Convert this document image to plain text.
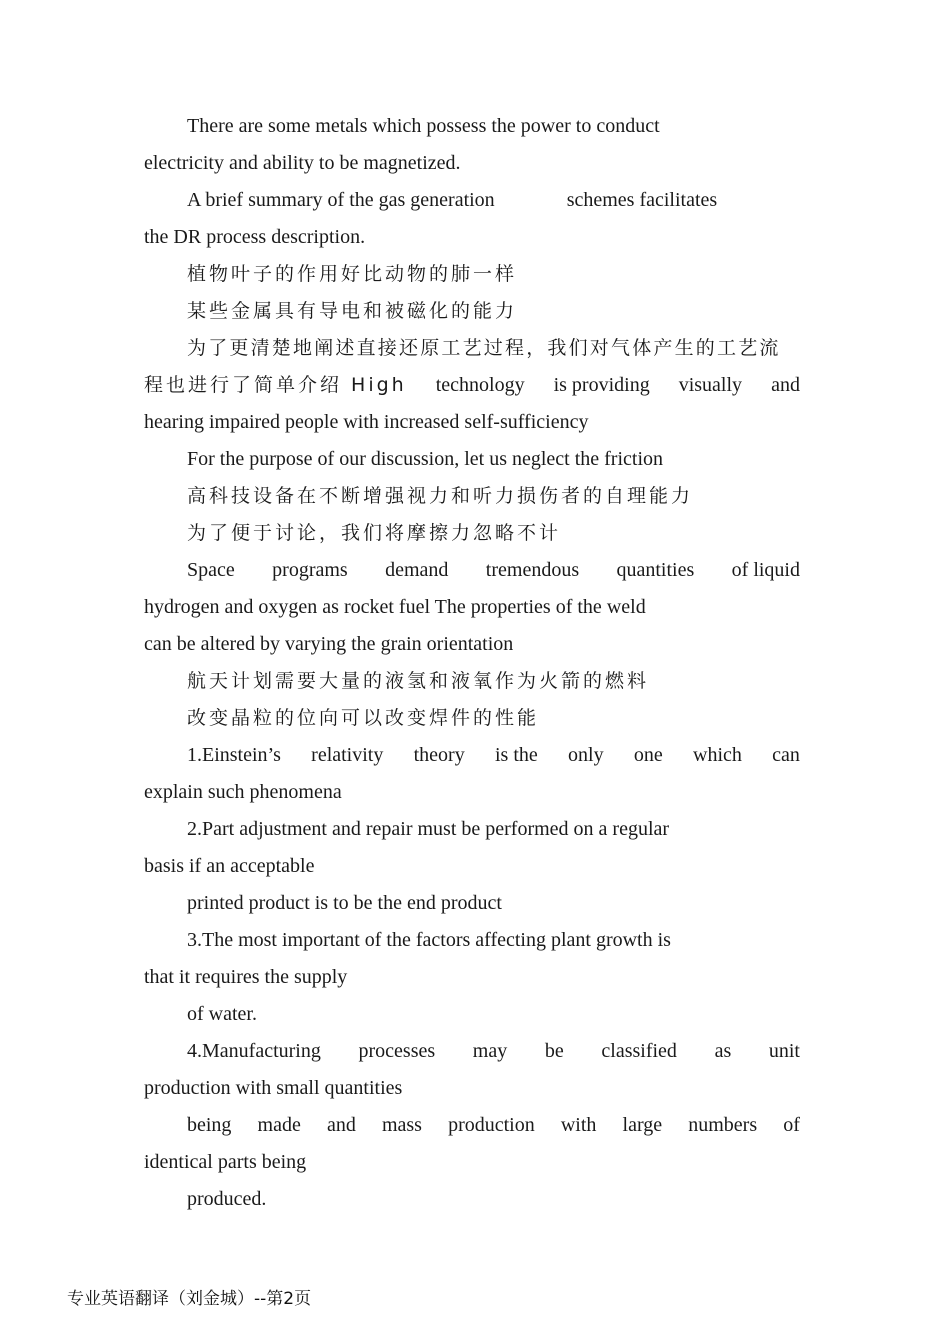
There are some metals which possess the power to conduct
electricity and ability to be magnetized.
A brief summary of the gas generation	schemes facilitates
the DR process description.
植物叶子的作用好比动物的肺一样
某些金属具有导电和被磁化的能力
为了更清楚地阐述直接还原工艺过程，我们对气体产生的工艺流
程也进行了简单介绍 High technology is providing visually and
hearing impaired people with increased self-sufficiency
For the purpose of our discussion, let us neglect the friction
高科技设备在不断增强视力和听力损伤者的自理能力
为了便于讨论，我们将摩擦力忽略不计
Space programs demand tremendous quantities of liquid
hydrogen and oxygen as rocket fuel The properties of the weld
can be altered by varying the grain orientation
航天计划需要大量的液氢和液氧作为火箭的燃料
改变晶粒的位向可以改变焊件的性能
1.Einstein’s relativity theory is the only one which can
explain such phenomena
2.Part adjustment and repair must be performed on a regular
basis if an acceptable
printed product is to be the end product
3.The most important of the factors affecting plant growth is
that it requires the supply
of water.
4.Manufacturing processes may be classified as unit
production with small quantities
being made and mass production with large numbers of
identical parts being
produced.
专业英语翻译（刘金城）--第2页
